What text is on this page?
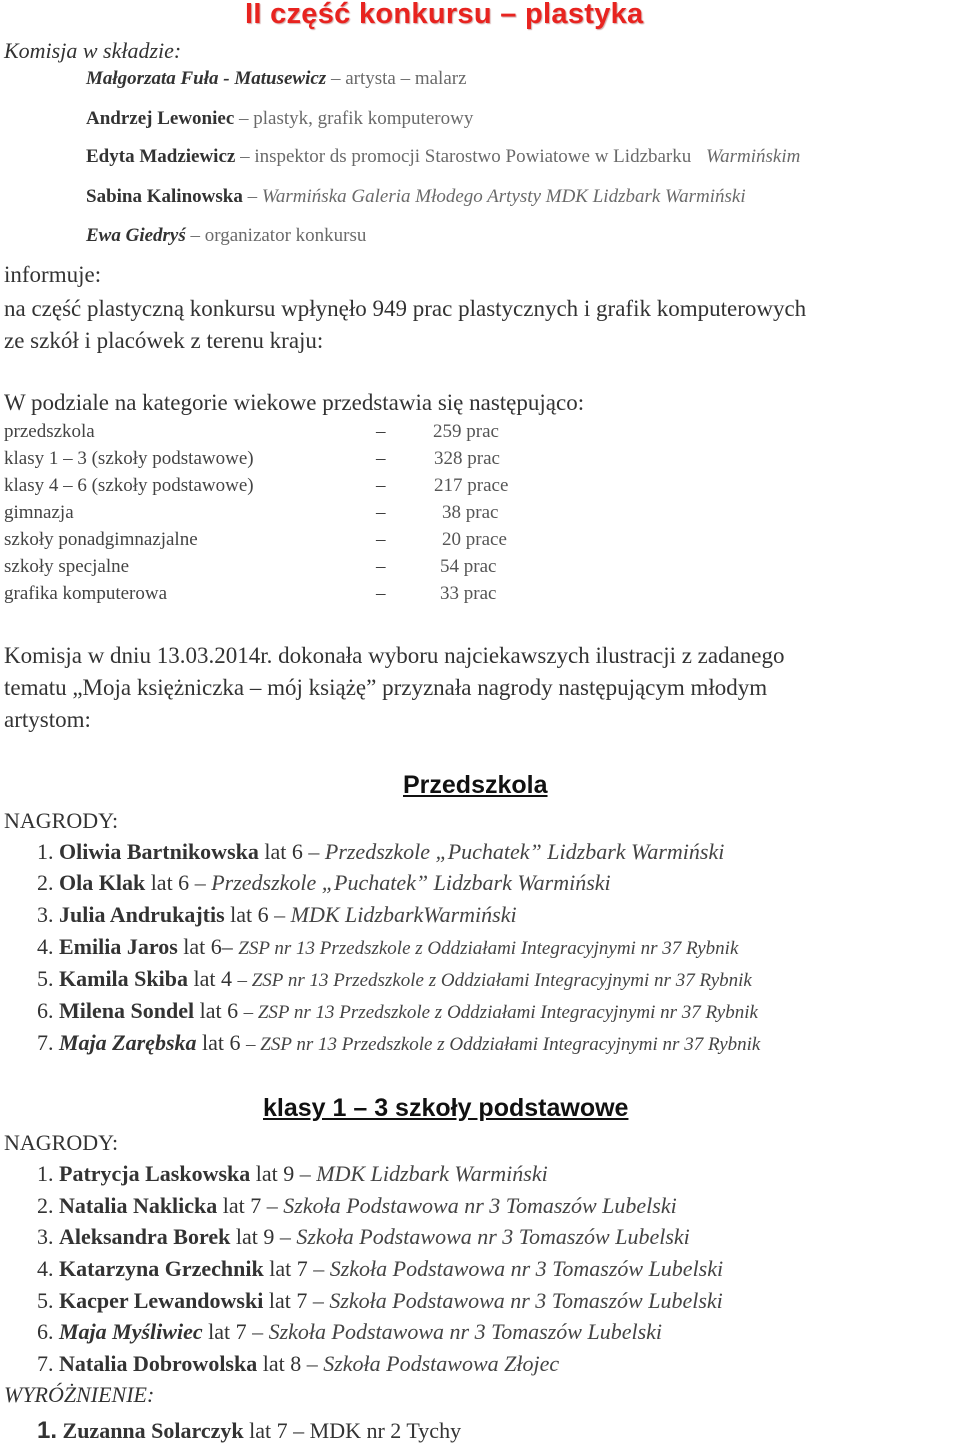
II część konkursu – plastyka
Komisja w składzie:
Małgorzata Fuła - Matusewicz – artysta – malarz
Andrzej Lewoniec – plastyk, grafik komputerowy
Edyta Madziewicz – inspektor ds promocji Starostwo Powiatowe w Lidzbarku Warmińskim
Sabina Kalinowska – Warmińska Galeria Młodego Artysty MDK Lidzbark Warmiński
Ewa Giedryś – organizator konkursu
informuje:
na część plastyczną konkursu wpłynęło 949 prac plastycznych i grafik komputerowych
ze szkół i placówek z terenu kraju:
W podziale na kategorie wiekowe przedstawia się następująco:
przedszkola	–	259 prac
klasy 1 – 3 (szkoły podstawowe)	–	328 prac
klasy 4 – 6 (szkoły podstawowe)	–	217 prace
gimnazja	–	38 prac
szkoły ponadgimnazjalne	–	20 prace
szkoły specjalne	–	54 prac
grafika komputerowa	–	33 prac
Komisja w dniu 13.03.2014r. dokonała wyboru najciekawszych ilustracji z zadanego
tematu „Moja księżniczka – mój książę” przyznała nagrody następującym młodym
artystom:
Przedszkola
NAGRODY:
1. Oliwia Bartnikowska lat 6 – Przedszkole „Puchatek” Lidzbark Warmiński
2. Ola Klak lat 6 – Przedszkole „Puchatek” Lidzbark Warmiński
3. Julia Andrukajtis lat 6 – MDK LidzbarkWarmiński
4. Emilia Jaros lat 6– ZSP nr 13 Przedszkole z Oddziałami Integracyjnymi nr 37 Rybnik
5. Kamila Skiba lat 4 – ZSP nr 13 Przedszkole z Oddziałami Integracyjnymi nr 37 Rybnik
6. Milena Sondel lat 6 – ZSP nr 13 Przedszkole z Oddziałami Integracyjnymi nr 37 Rybnik
7. Maja Zarębska lat 6 – ZSP nr 13 Przedszkole z Oddziałami Integracyjnymi nr 37 Rybnik
klasy 1 – 3 szkoły podstawowe
NAGRODY:
1. Patrycja Laskowska lat 9 – MDK Lidzbark Warmiński
2. Natalia Naklicka lat 7 – Szkoła Podstawowa nr 3 Tomaszów Lubelski
3. Aleksandra Borek lat 9 – Szkoła Podstawowa nr 3 Tomaszów Lubelski
4. Katarzyna Grzechnik lat 7 – Szkoła Podstawowa nr 3 Tomaszów Lubelski
5. Kacper Lewandowski lat 7 – Szkoła Podstawowa nr 3 Tomaszów Lubelski
6. Maja Myśliwiec lat 7 – Szkoła Podstawowa nr 3 Tomaszów Lubelski
7. Natalia Dobrowolska lat 8 – Szkoła Podstawowa Złojec
WYRÓŻNIENIE:
1. Zuzanna Solarczyk lat 7 – MDK nr 2 Tychy
